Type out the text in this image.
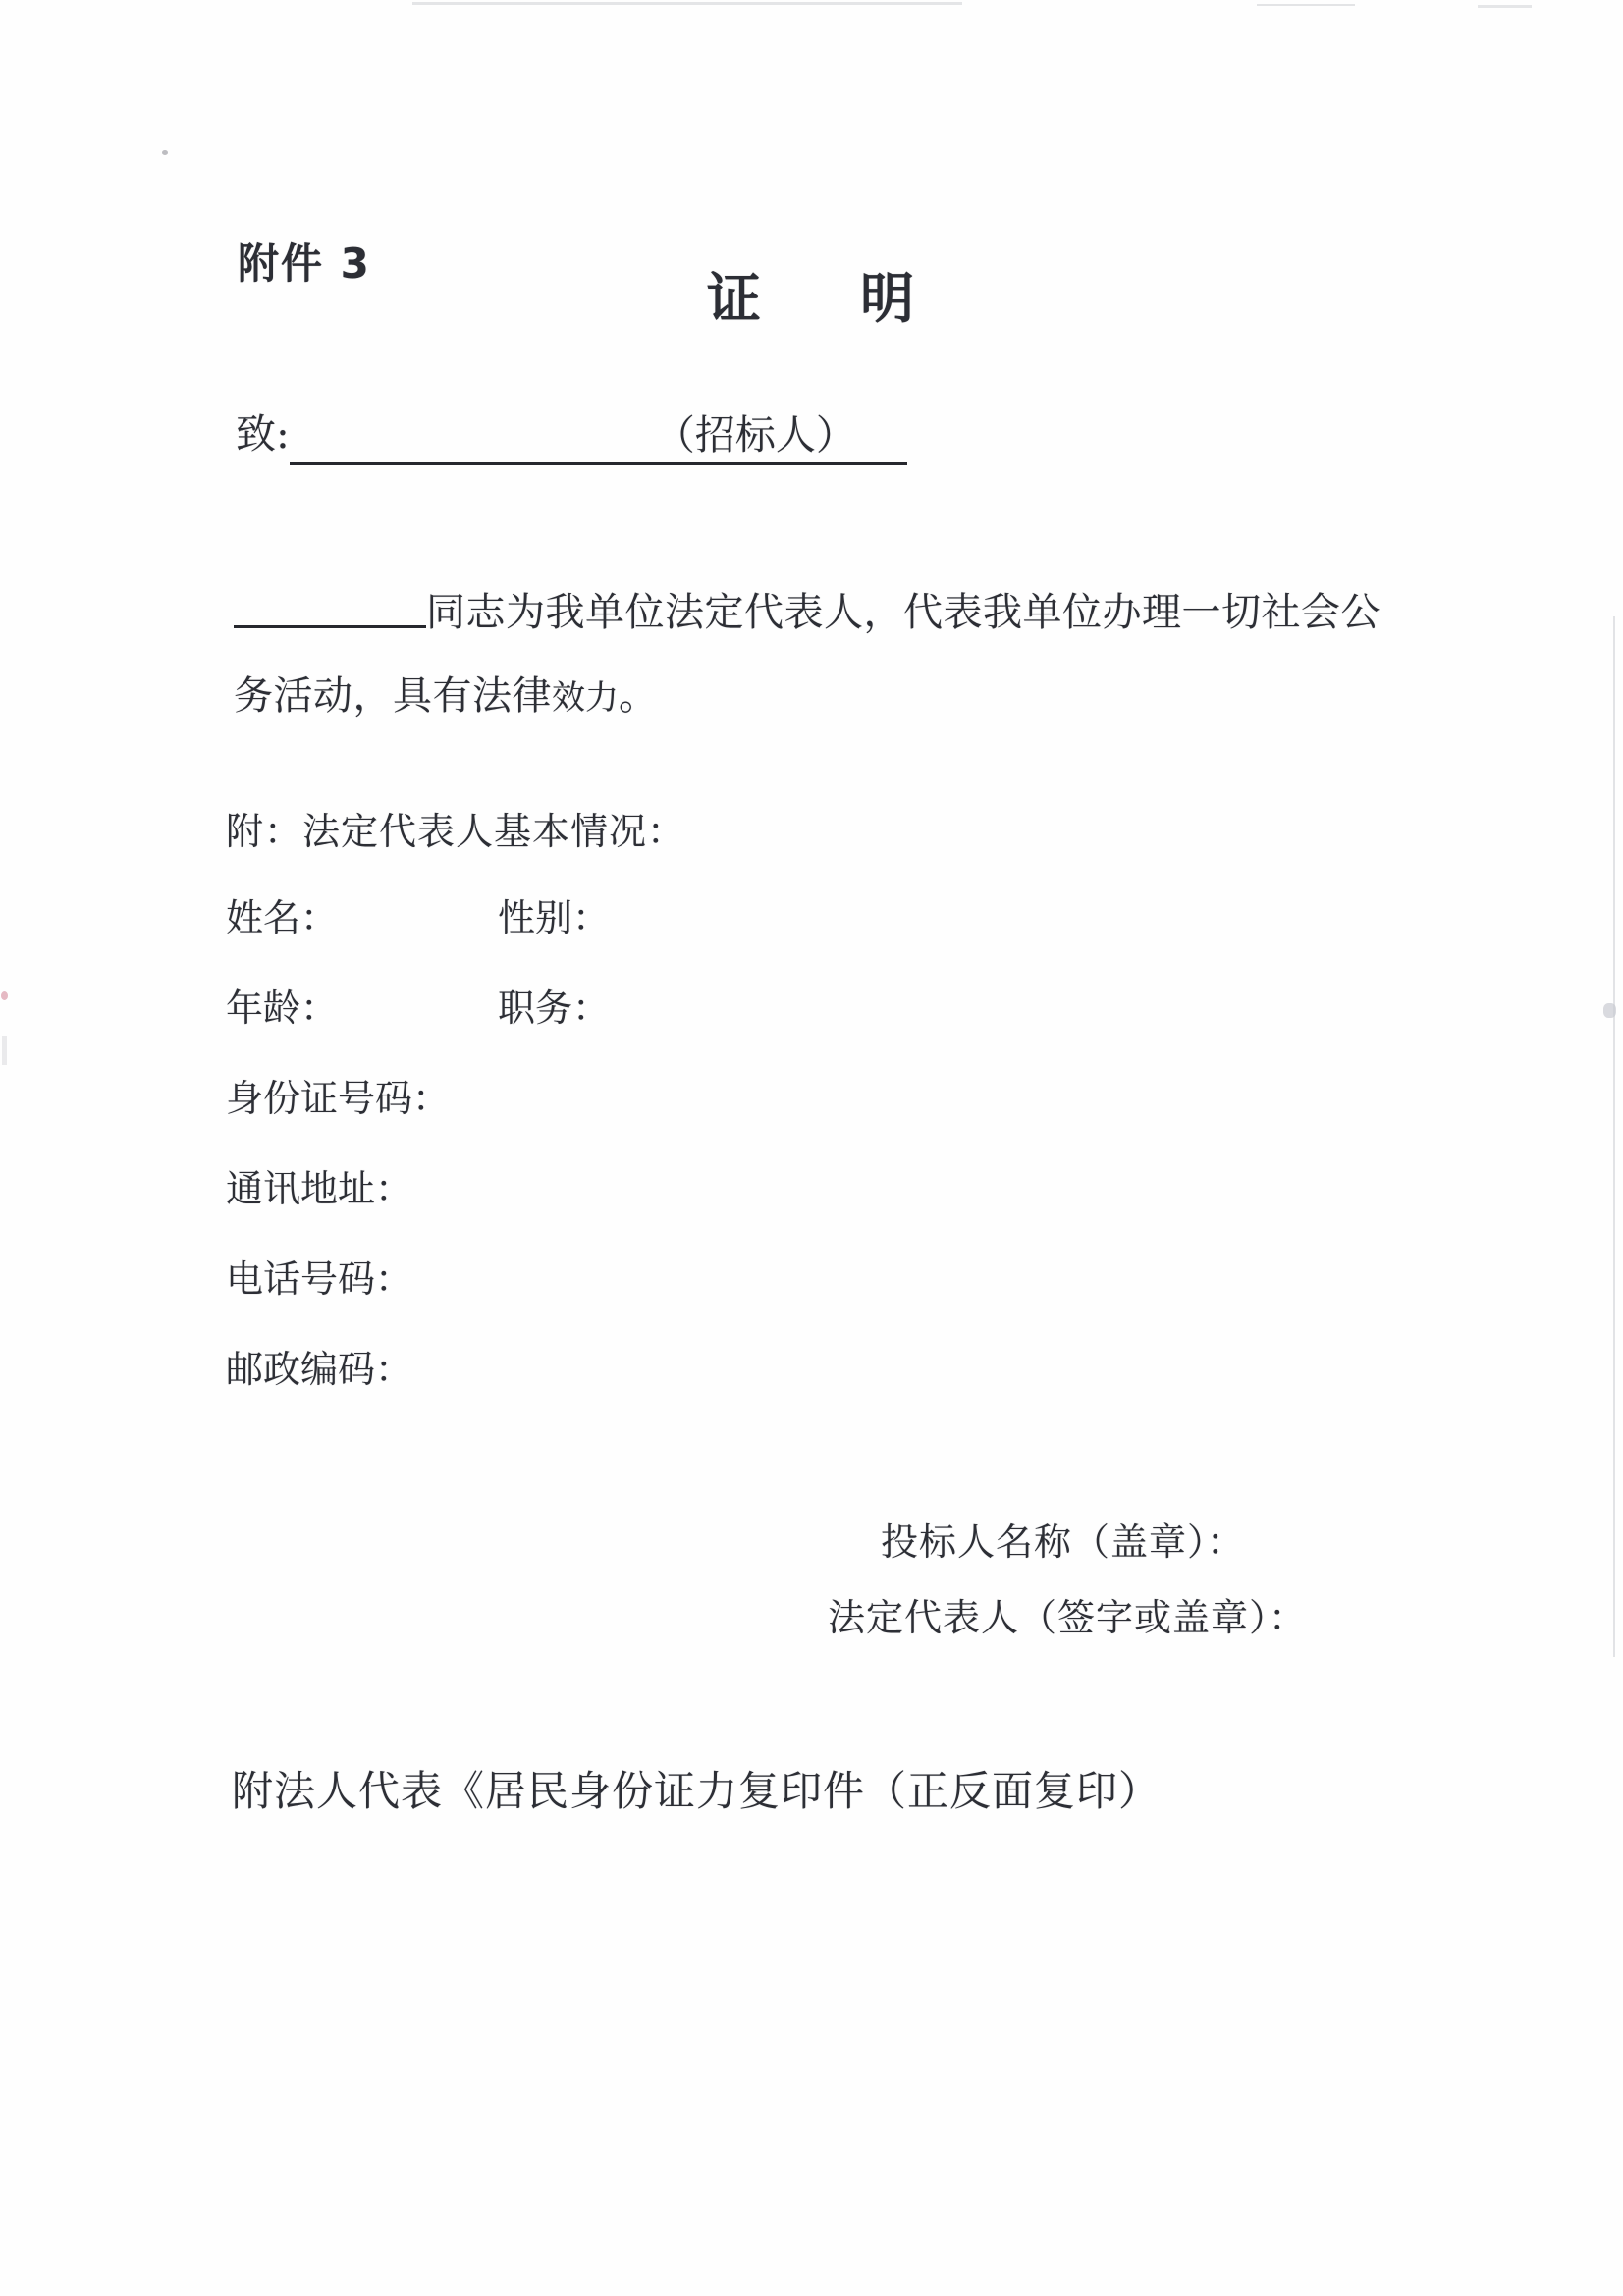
附件 3
证 明
致:	（招标人）
同志为我单位法定代表人，代表我单位办理一切社会公
务活动，具有法律效力。
附：法定代表人基本情况：
姓名：	性别：
年龄：	职务：
身份证号码：
通讯地址：
电话号码：
邮政编码：
投标人名称（盖章）：
法定代表人（签字或盖章）：
附法人代表《居民身份证力复印件（正反面复印）
